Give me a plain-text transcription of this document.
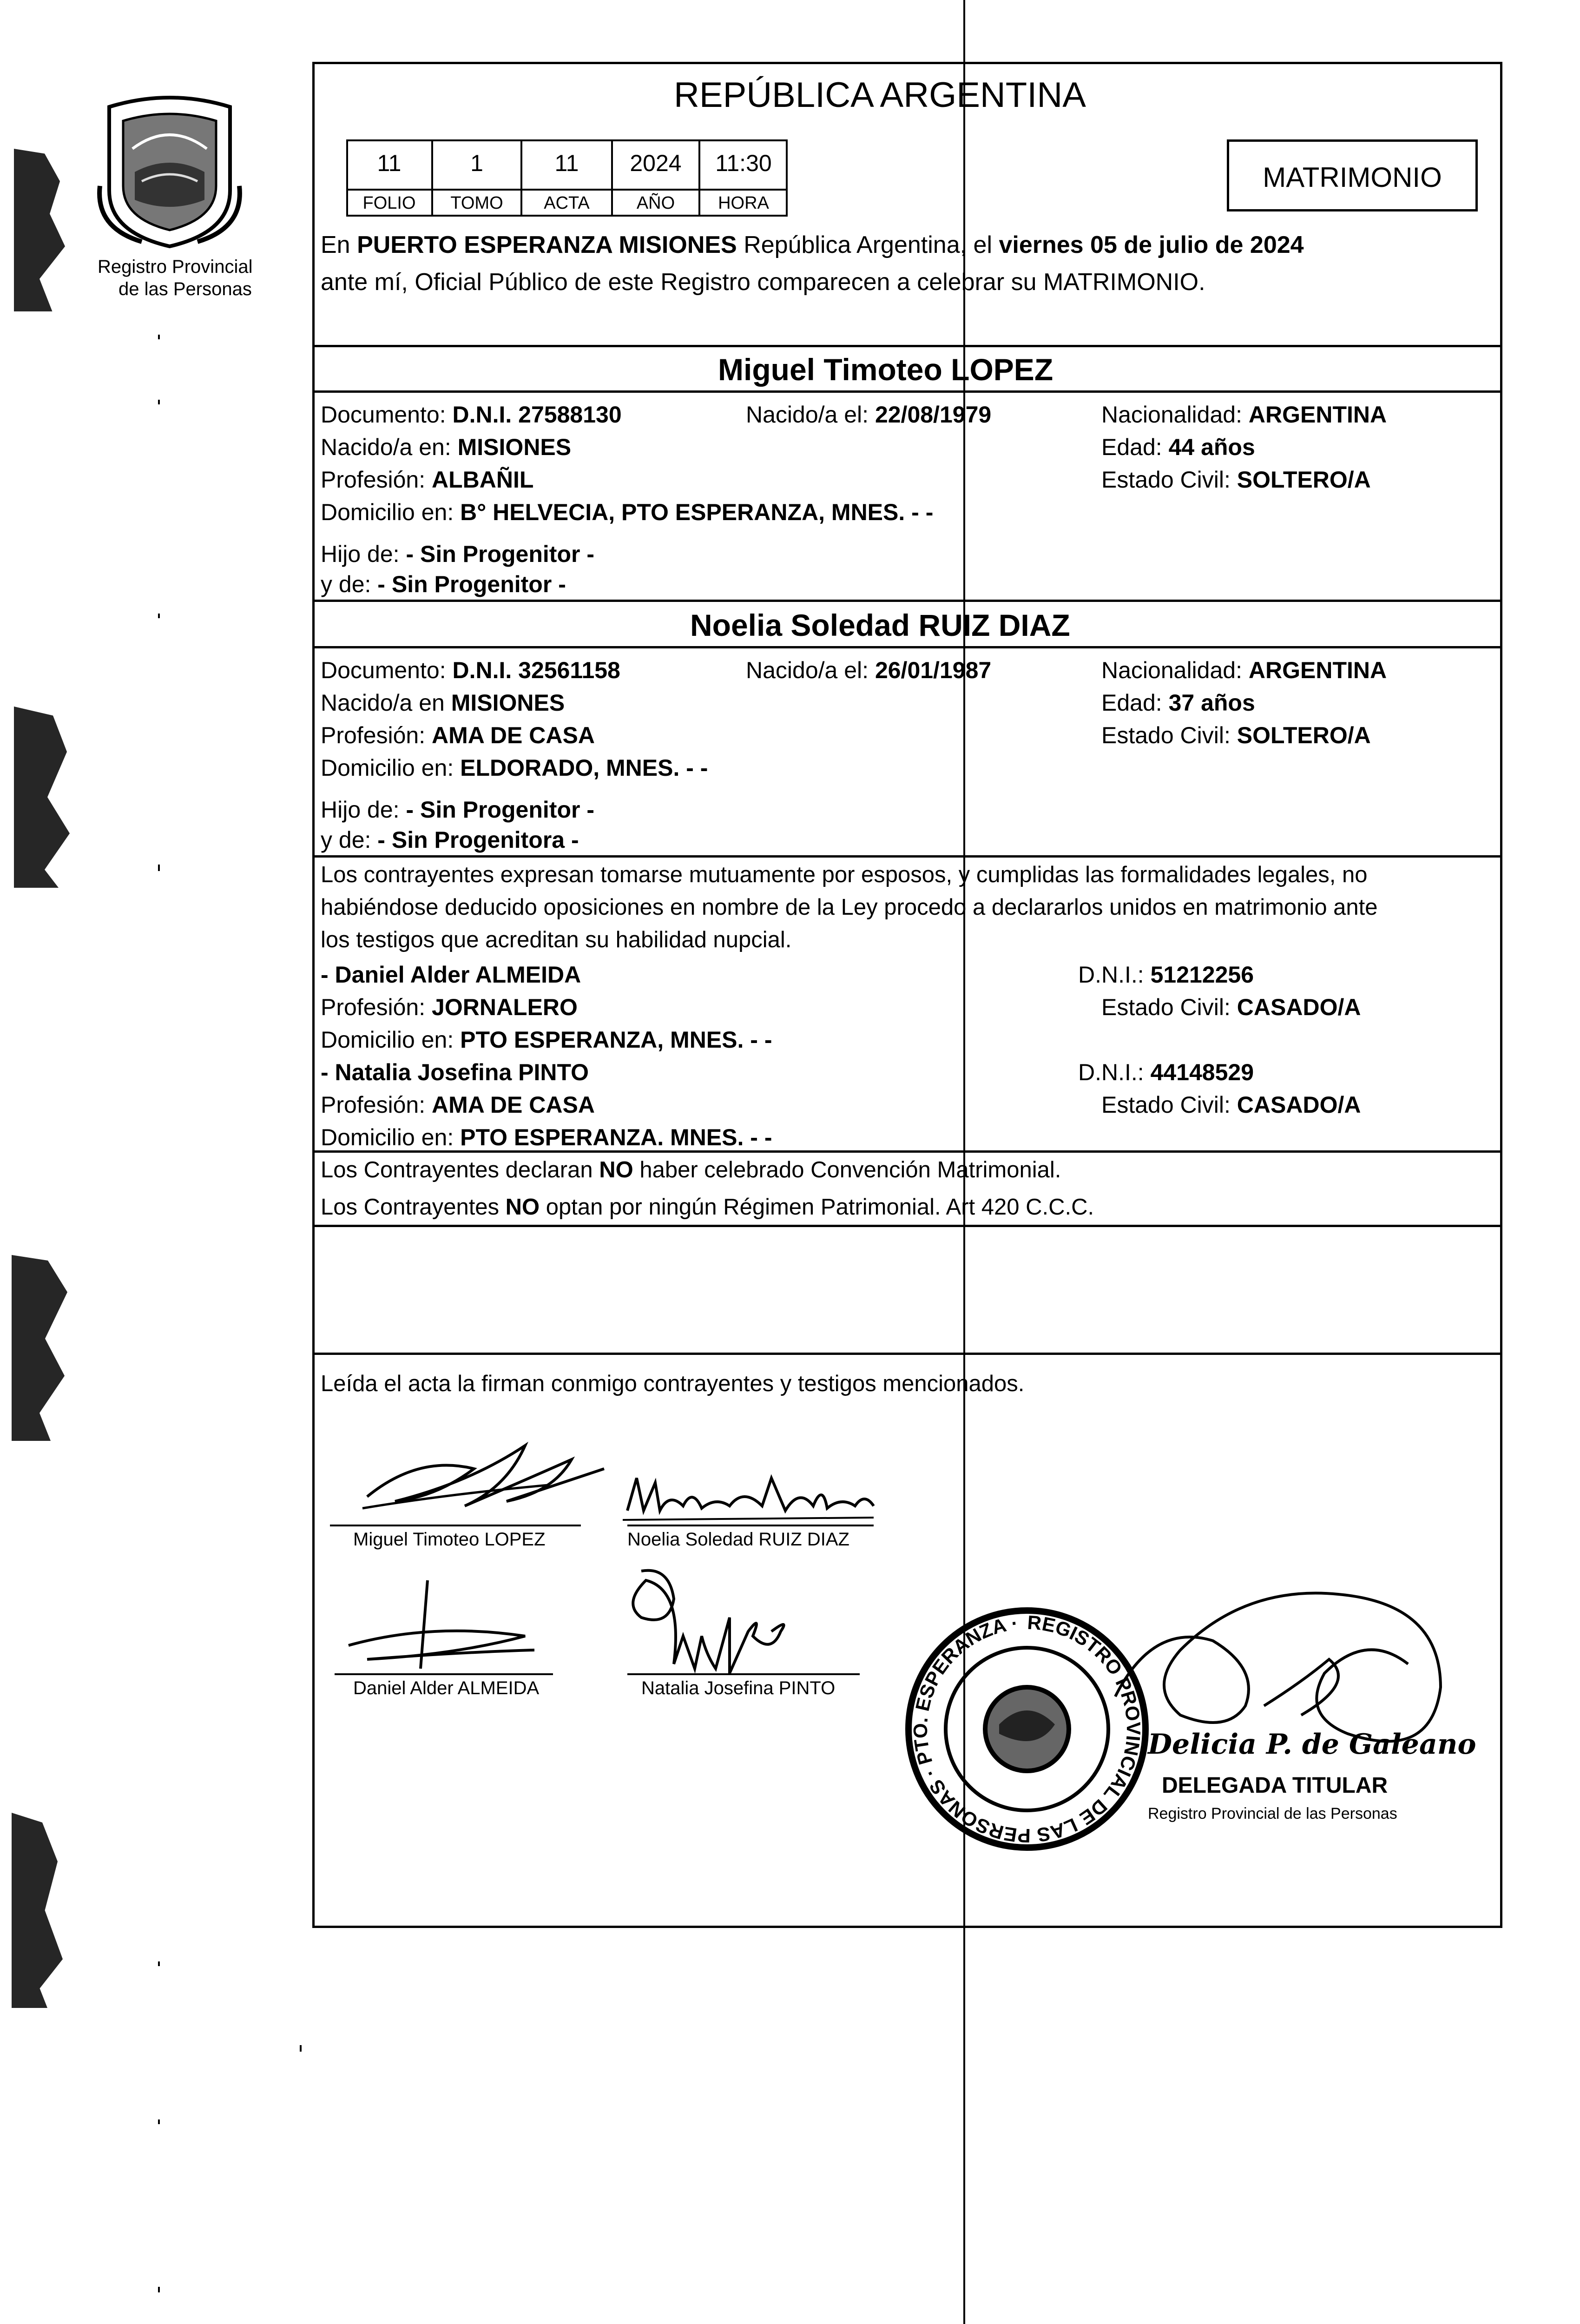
Registro Provincial
de las Personas
REPÚBLICA ARGENTINA
MATRIMONIO
11	1	11	2024	11:30
FOLIO	TOMO	ACTA	AÑO	HORA
En PUERTO ESPERANZA MISIONES República Argentina, el viernes 05 de julio de 2024
ante mí, Oficial Público de este Registro comparecen a celebrar su MATRIMONIO.
Miguel Timoteo LOPEZ
Documento: D.N.I. 27588130	Nacido/a el: 22/08/1979	Nacionalidad: ARGENTINA
Nacido/a en: MISIONES	Edad: 44 años
Profesión: ALBAÑIL	Estado Civil: SOLTERO/A
Domicilio en: B° HELVECIA, PTO ESPERANZA, MNES. - -
Hijo de: - Sin Progenitor -
y de: - Sin Progenitor -
Noelia Soledad RUIZ DIAZ
Documento: D.N.I. 32561158	Nacido/a el: 26/01/1987	Nacionalidad: ARGENTINA
Nacido/a en MISIONES	Edad: 37 años
Profesión: AMA DE CASA	Estado Civil: SOLTERO/A
Domicilio en: ELDORADO, MNES. - -
Hijo de: - Sin Progenitor -
y de: - Sin Progenitora -
Los contrayentes expresan tomarse mutuamente por esposos, y cumplidas las formalidades legales, no
habiéndose deducido oposiciones en nombre de la Ley procedo a declararlos unidos en matrimonio ante
los testigos que acreditan su habilidad nupcial.
- Daniel Alder ALMEIDA	D.N.I.: 51212256
Profesión: JORNALERO	Estado Civil: CASADO/A
Domicilio en: PTO ESPERANZA, MNES. - -
- Natalia Josefina PINTO	D.N.I.: 44148529
Profesión: AMA DE CASA	Estado Civil: CASADO/A
Domicilio en: PTO ESPERANZA. MNES. - -
Los Contrayentes declaran NO haber celebrado Convención Matrimonial.
Los Contrayentes NO optan por ningún Régimen Patrimonial. Art 420 C.C.C.
Leída el acta la firman conmigo contrayentes y testigos mencionados.
Miguel Timoteo LOPEZ	Noelia Soledad RUIZ DIAZ
Daniel Alder ALMEIDA	Natalia Josefina PINTO
REGISTRO PROVINCIAL DE LAS PERSONAS · PTO. ESPERANZA ·
Delicia P. de Galeano
DELEGADA TITULAR
Registro Provincial de las Personas
